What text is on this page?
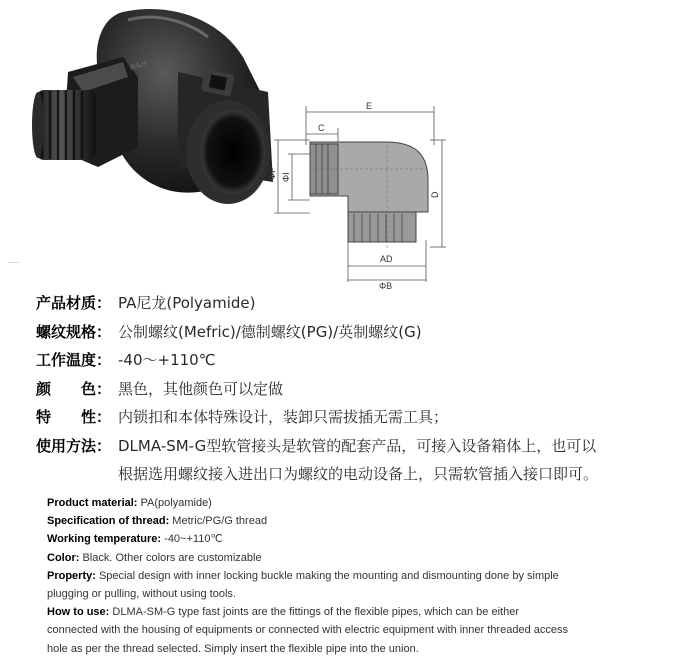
W&H
E
C
ΦF ΦI
D
AD
ΦB
产品材质： PA尼龙(Polyamide)
螺纹规格： 公制螺纹(Mefric)/德制螺纹(PG)/英制螺纹(G)
工作温度： -40～+110℃
颜　　色： 黑色，其他颜色可以定做
特　　性： 内锁扣和本体特殊设计，装卸只需拔插无需工具；
使用方法： DLMA-SM-G型软管接头是软管的配套产品，可接入设备箱体上，也可以
根据选用螺纹接入进出口为螺纹的电动设备上，只需软管插入接口即可。
Product material: PA(polyamide)
Specification of thread: Metric/PG/G thread
Working temperature: -40~+110℃
Color: Black. Other colors are customizable
Property: Special design with inner locking buckle making the mounting and dismounting done by simple
plugging or pulling, without using tools.
How to use: DLMA-SM-G type fast joints are the fittings of the flexible pipes, which can be either
connected with the housing of equipments or connected with electric equipment with inner threaded access
hole as per the thread selected. Simply insert the flexible pipe into the union.
